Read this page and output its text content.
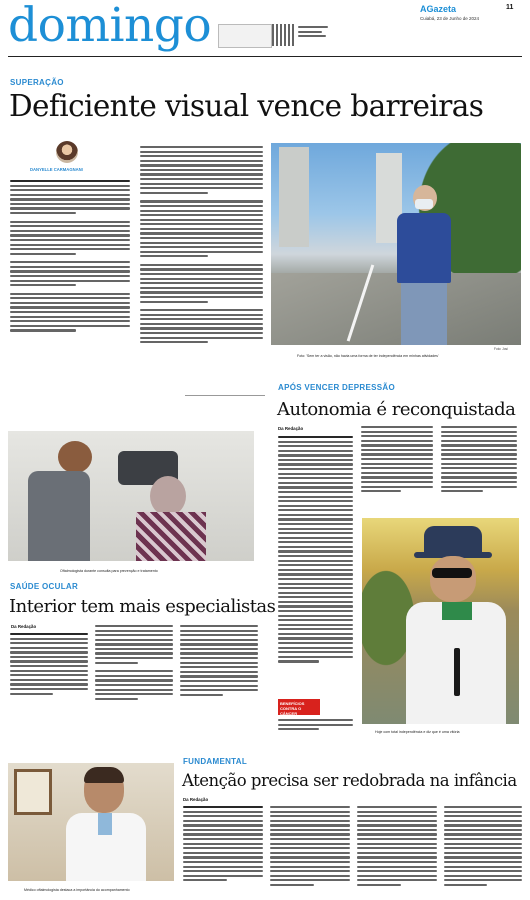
domingo	AGazeta	11
Cuiabá, 23 de Junho de 2024
SUPERAÇÃO
Deficiente visual vence barreiras
DANYELLE CARMAGNANI
Foto: Josi
Foto: 'Sem ter a visão, não havia uma forma de ter independência em minhas atividades'
Oftalmologista durante consulta para prevenção e tratamento
SAÚDE OCULAR
Interior tem mais especialistas
Da Redação
APÓS VENCER DEPRESSÃO
Autonomia é reconquistada
Da Redação
BENEFÍCIOS CONTRA O CÂNCER
Hoje com total independência e diz que é uma vitória
Médico oftalmologista destaca a importância do acompanhamento
FUNDAMENTAL
Atenção precisa ser redobrada na infância
Da Redação
